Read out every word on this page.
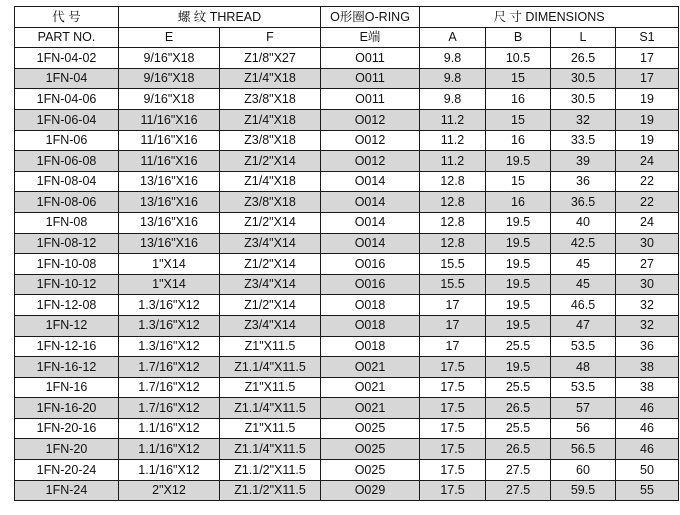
代 号	螺 纹 THREAD		O形圈O-RING	尺 寸 DIMENSIONS			
PART NO.	E	F	E端	A	B	L	S1
1FN-04-02	9/16"X18	Z1/8"X27	O011	9.8	10.5	26.5	17
1FN-04	9/16"X18	Z1/4"X18	O011	9.8	15	30.5	17
1FN-04-06	9/16"X18	Z3/8"X18	O011	9.8	16	30.5	19
1FN-06-04	11/16"X16	Z1/4"X18	O012	11.2	15	32	19
1FN-06	11/16"X16	Z3/8"X18	O012	11.2	16	33.5	19
1FN-06-08	11/16"X16	Z1/2"X14	O012	11.2	19.5	39	24
1FN-08-04	13/16"X16	Z1/4"X18	O014	12.8	15	36	22
1FN-08-06	13/16"X16	Z3/8"X18	O014	12.8	16	36.5	22
1FN-08	13/16"X16	Z1/2"X14	O014	12.8	19.5	40	24
1FN-08-12	13/16"X16	Z3/4"X14	O014	12.8	19.5	42.5	30
1FN-10-08	1"X14	Z1/2"X14	O016	15.5	19.5	45	27
1FN-10-12	1"X14	Z3/4"X14	O016	15.5	19.5	45	30
1FN-12-08	1.3/16"X12	Z1/2"X14	O018	17	19.5	46.5	32
1FN-12	1.3/16"X12	Z3/4"X14	O018	17	19.5	47	32
1FN-12-16	1.3/16"X12	Z1"X11.5	O018	17	25.5	53.5	36
1FN-16-12	1.7/16"X12	Z1.1/4"X11.5	O021	17.5	19.5	48	38
1FN-16	1.7/16"X12	Z1"X11.5	O021	17.5	25.5	53.5	38
1FN-16-20	1.7/16"X12	Z1.1/4"X11.5	O021	17.5	26.5	57	46
1FN-20-16	1.1/16"X12	Z1"X11.5	O025	17.5	25.5	56	46
1FN-20	1.1/16"X12	Z1.1/4"X11.5	O025	17.5	26.5	56.5	46
1FN-20-24	1.1/16"X12	Z1.1/2"X11.5	O025	17.5	27.5	60	50
1FN-24	2"X12	Z1.1/2"X11.5	O029	17.5	27.5	59.5	55
